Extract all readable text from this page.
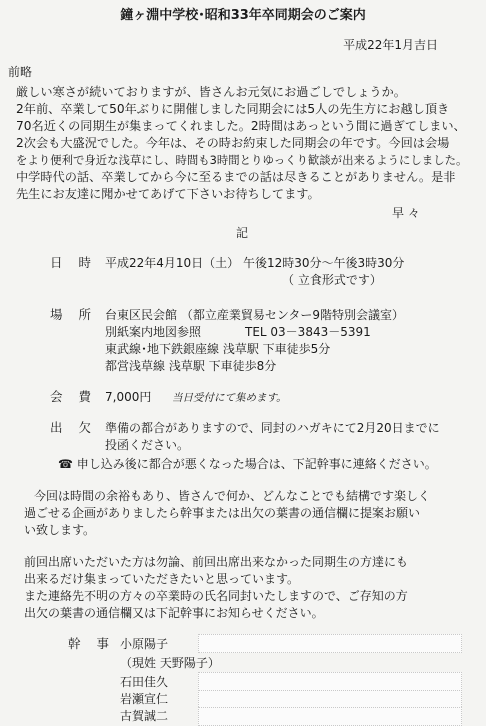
鐘ヶ淵中学校･昭和33年卒同期会のご案内
平成22年1月吉日
前略
厳しい寒さが続いておりますが、皆さんお元気にお過ごしでしょうか。
2年前、卒業して50年ぶりに開催しました同期会には5人の先生方にお越し頂き
70名近くの同期生が集まってくれました。2時間はあっという間に過ぎてしまい、
2次会も大盛況でした。今年は、その時お約束した同期会の年です。今回は会場
をより便利で身近な浅草にし、時間も3時間とりゆっくり歓談が出来るようにしました。
中学時代の話、卒業してから今に至るまでの話は尽きることがありません。是非
先生にお友達に聞かせてあげて下さいお待ちしてます。
早 々
記
日 時 平成22年4月10日（土） 午後12時30分～午後3時30分
（ 立食形式です）
場 所 台東区民会館 （都立産業貿易センター9階特別会議室）
別紙案内地図参照	TEL 03－3843－5391
東武線･地下鉄銀座線 浅草駅 下車徒歩5分
都営浅草線 浅草駅 下車徒歩8分
会 費 7,000円 当日受付にて集めます。
出 欠 準備の都合がありますので、同封のハガキにて2月20日までに
投函ください。
☎ 申し込み後に都合が悪くなった場合は、下記幹事に連絡ください。
今回は時間の余裕もあり、皆さんで何か、どんなことでも結構です楽しく
過ごせる企画がありましたら幹事または出欠の葉書の通信欄に提案お願い
い致します。
前回出席いただいた方は勿論、前回出席出来なかった同期生の方達にも
出来るだけ集まっていただきたいと思っています。
また連絡先不明の方々の卒業時の氏名同封いたしますので、ご存知の方
出欠の葉書の通信欄又は下記幹事にお知らせください。
幹 事 小原陽子
（現姓 天野陽子）
石田佳久
岩瀬宣仁
古賀誠二
